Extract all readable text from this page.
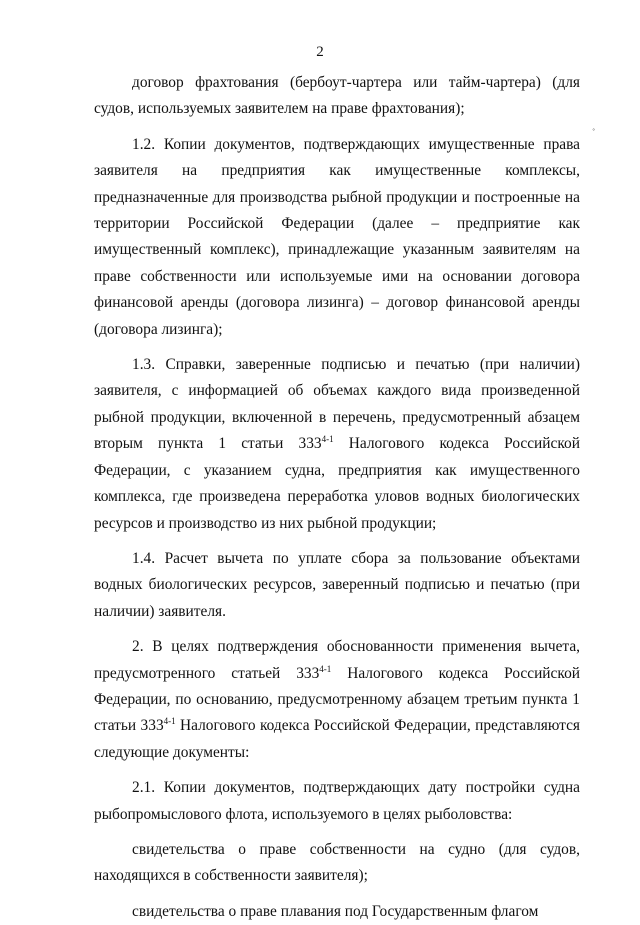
2
˚

договор фрахтования (бербоут-чартера или тайм-чартера) (для судов, используемых заявителем на праве фрахтования);

1.2. Копии документов, подтверждающих имущественные права заявителя на предприятия как имущественные комплексы, предназначенные для производства рыбной продукции и построенные на территории Российской Федерации (далее – предприятие как имущественный комплекс), принадлежащие указанным заявителям на праве собственности или используемые ими на основании договора финансовой аренды (договора лизинга) – договор финансовой аренды (договора лизинга);

1.3. Справки, заверенные подписью и печатью (при наличии) заявителя, с информацией об объемах каждого вида произведенной рыбной продукции, включенной в перечень, предусмотренный абзацем вторым пункта 1 статьи 333$^{4-1}$ Налогового кодекса Российской Федерации, с указанием судна, предприятия как имущественного комплекса, где произведена переработка уловов водных биологических ресурсов и производство из них рыбной продукции;

1.4. Расчет вычета по уплате сбора за пользование объектами водных биологических ресурсов, заверенный подписью и печатью (при наличии) заявителя.

2. В целях подтверждения обоснованности применения вычета, предусмотренного статьей 333$^{4-1}$ Налогового кодекса Российской Федерации, по основанию, предусмотренному абзацем третьим пункта 1 статьи 333$^{4-1}$ Налогового кодекса Российской Федерации, представляются следующие документы:

2.1. Копии документов, подтверждающих дату постройки судна рыбопромыслового флота, используемого в целях рыболовства:

свидетельства о праве собственности на судно (для судов, находящихся в собственности заявителя);

свидетельства о праве плавания под Государственным флагом
